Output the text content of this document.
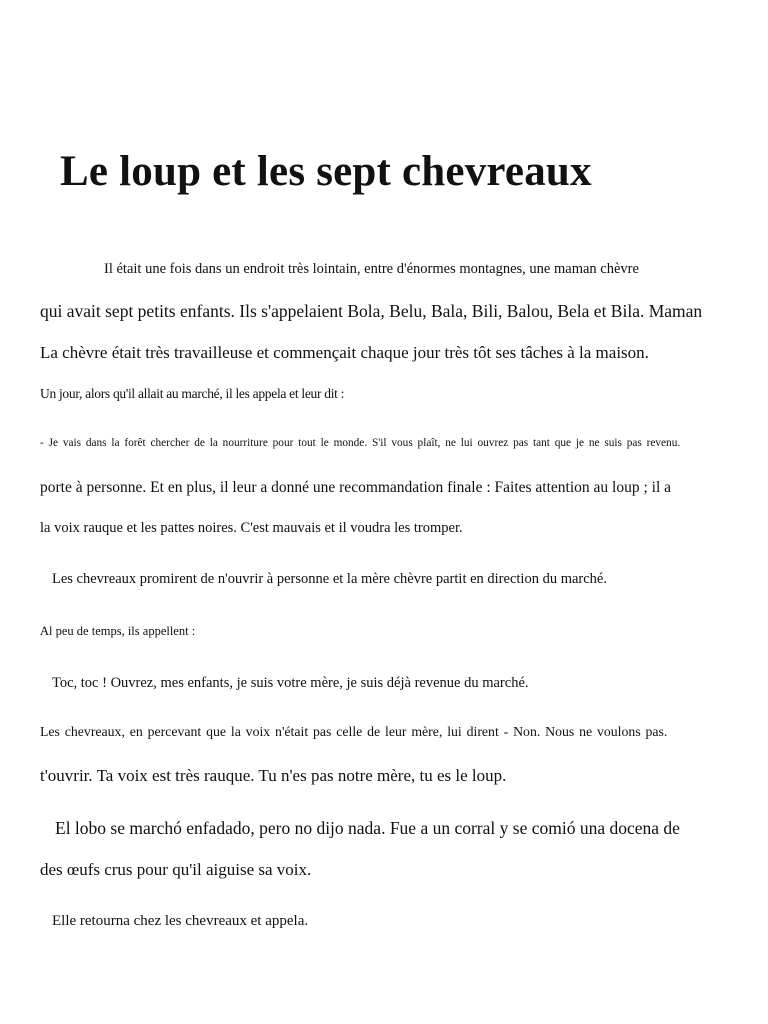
Le loup et les sept chevreaux

Il était une fois dans un endroit très lointain, entre d'énormes montagnes, une maman chèvre

qui avait sept petits enfants. Ils s'appelaient Bola, Belu, Bala, Bili, Balou, Bela et Bila. Maman

La chèvre était très travailleuse et commençait chaque jour très tôt ses tâches à la maison.

Un jour, alors qu'il allait au marché, il les appela et leur dit :

- Je vais dans la forêt chercher de la nourriture pour tout le monde. S'il vous plaît, ne lui ouvrez pas tant que je ne suis pas revenu.

porte à personne. Et en plus, il leur a donné une recommandation finale : Faites attention au loup ; il a

la voix rauque et les pattes noires. C'est mauvais et il voudra les tromper.

Les chevreaux promirent de n'ouvrir à personne et la mère chèvre partit en direction du marché.

Al peu de temps, ils appellent :

Toc, toc ! Ouvrez, mes enfants, je suis votre mère, je suis déjà revenue du marché.

Les chevreaux, en percevant que la voix n'était pas celle de leur mère, lui dirent - Non. Nous ne voulons pas.

t'ouvrir. Ta voix est très rauque. Tu n'es pas notre mère, tu es le loup.

El lobo se marchó enfadado, pero no dijo nada. Fue a un corral y se comió una docena de

des œufs crus pour qu'il aiguise sa voix.

Elle retourna chez les chevreaux et appela.
